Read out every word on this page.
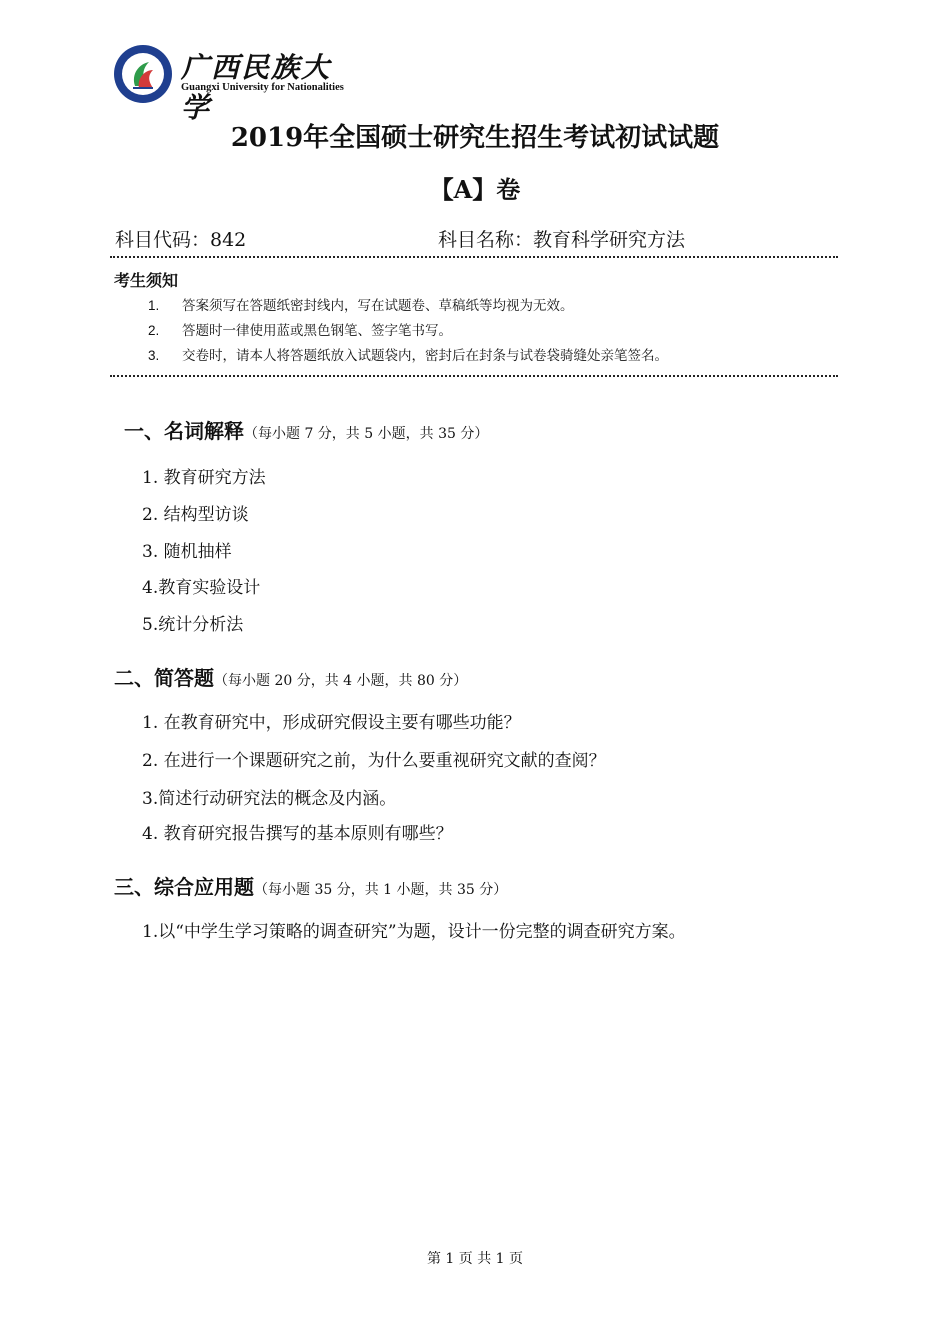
广西民族大学
Guangxi University for Nationalities
2019年全国硕士研究生招生考试初试试题
【A】卷
科目代码：842	科目名称：教育科学研究方法
考生须知
1. 答案须写在答题纸密封线内，写在试题卷、草稿纸等均视为无效。
2. 答题时一律使用蓝或黑色钢笔、签字笔书写。
3. 交卷时，请本人将答题纸放入试题袋内，密封后在封条与试卷袋骑缝处亲笔签名。
一、名词解释（每小题 7 分，共 5 小题，共 35 分）
1. 教育研究方法
2. 结构型访谈
3. 随机抽样
4.教育实验设计
5.统计分析法
二、简答题（每小题 20 分，共 4 小题，共 80 分）
1. 在教育研究中，形成研究假设主要有哪些功能？
2. 在进行一个课题研究之前，为什么要重视研究文献的查阅？
3.简述行动研究法的概念及内涵。
4. 教育研究报告撰写的基本原则有哪些？
三、综合应用题（每小题 35 分，共 1 小题，共 35 分）
1.以“中学生学习策略的调查研究”为题，设计一份完整的调查研究方案。
第 1 页 共 1 页
